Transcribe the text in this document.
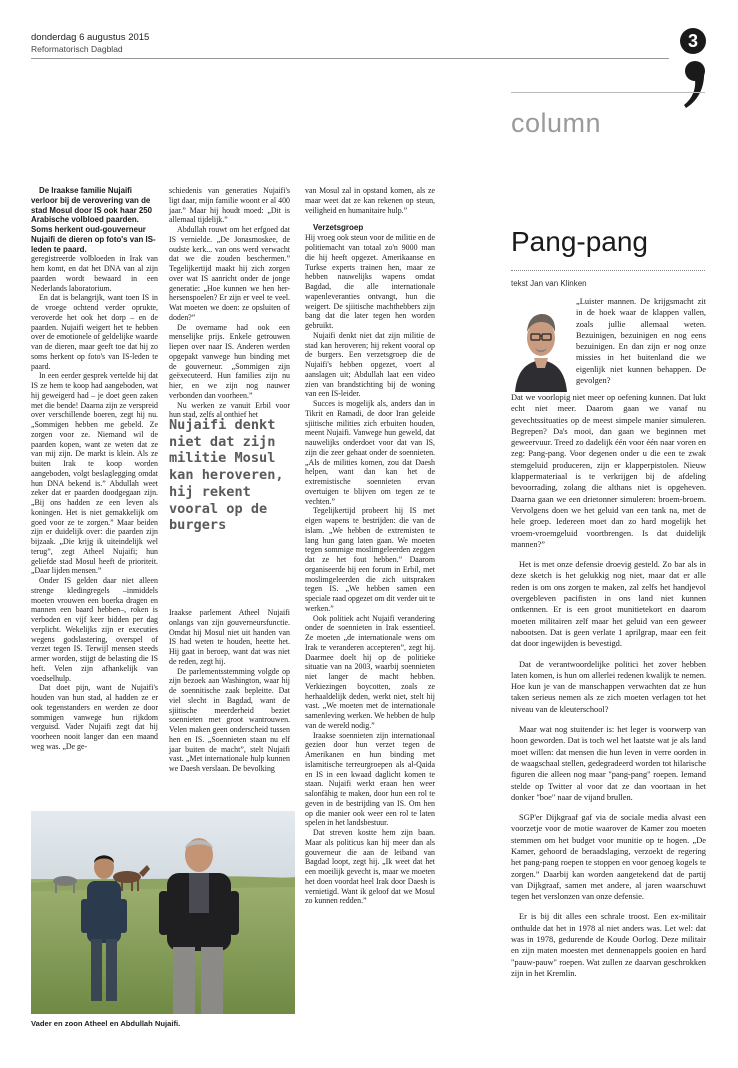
donderdag 6 augustus 2015
Reformatorisch Dagblad	3
column
Pang-pang
tekst Jan van Klinken

„Luister mannen. De krijgsmacht zit in de hoek waar de klappen vallen, zoals jullie allemaal weten. Bezuinigen, bezuinigen en nog eens bezuinigen. En dan zijn er nog onze missies in het buitenland die we eigenlijk niet kunnen behappen. De gevolgen?

Dat we voorlopig niet meer op oefening kunnen. Dat lukt echt niet meer. Daarom gaan we vanaf nu gevechtssituaties op de meest simpele manier simuleren. Begrepen? Da's mooi, dan gaan we beginnen met geweervuur. Treed zo dadelijk één voor één naar voren en zeg: Pang-pang. Voor degenen onder u die een te zwak stemgeluid produceren, zijn er klapperpistolen. Nieuw klappermateriaal is te verkrijgen bij de afdeling bevoorrading, zolang die althans niet is opgeheven. Daarna gaan we een drietonner simuleren: broem-broem. Vervolgens doen we het geluid van een tank na, met de hele groep. Iedereen moet dan zo hard mogelijk het vroem-vroemgeluid voortbrengen. Is dat duidelijk mannen?”

Het is met onze defensie droevig gesteld. Zo bar als in deze sketch is het gelukkig nog niet, maar dat er alle reden is om ons zorgen te maken, zal zelfs het handjevol overgebleven pacifisten in ons land niet kunnen ontkennen. Er is een groot munitietekort en daarom moeten militairen zelf maar het geluid van een geweer nabootsen. Dat is geen verlate 1 aprilgrap, maar een feit dat door ingewijden is bevestigd.

Dat de verantwoordelijke politici het zover hebben laten komen, is hun om allerlei redenen kwalijk te nemen. Hoe kun je van de manschappen verwachten dat ze hun taken serieus nemen als ze zich moeten verlagen tot het niveau van de kleuterschool?

Maar wat nog stuitender is: het leger is voorwerp van hoon geworden. Dat is toch wel het laatste wat je als land moet willen: dat mensen die hun leven in verre oorden in de waagschaal stellen, gedegradeerd worden tot hilarische figuren die alleen nog maar "pang-pang" roepen. Iemand stelde op Twitter al voor dat ze dan voortaan in het donker "boe" naar de vijand brullen.

SGP'er Dijkgraaf gaf via de sociale media alvast een voorzetje voor de motie waarover de Kamer zou moeten stemmen om het budget voor munitie op te hogen. „De Kamer, gehoord de beraadslaging, verzoekt de regering het pang-pang roepen te stoppen en voor genoeg kogels te zorgen.” Daarbij kan worden aangetekend dat de partij van Dijkgraaf, samen met andere, al jaren waarschuwt tegen het verslonzen van onze defensie.

Er is bij dit alles een schrale troost. Een ex-militair onthulde dat het in 1978 al niet anders was. Let wel: dat was in 1978, gedurende de Koude Oorlog. Deze militair en zijn maten moesten met dennenappels gooien en hard "pauw-pauw" roepen. Wat zullen ze daarvan geschrokken zijn in het Kremlin.

De Iraakse familie Nujaifi verloor bij de verovering van de stad Mosul door IS ook haar 250 Arabische volbloed paarden. Soms herkent oud-gouverneur Nujaifi de dieren op foto's van IS-leden te paard.

geregistreerde volbloeden in Irak van hem komt, en dat het DNA van al zijn paarden wordt bewaard in een Nederlands laboratorium.

En dat is belangrijk, want toen IS in de vroege ochtend verder oprukte, veroverde het ook het dorp – en de paarden. Nujaifi weigert het te hebben over de emotionele of geldelijke waarde van de dieren, maar geeft toe dat hij zo soms herkent op foto's van IS-leden te paard.

In een eerder gesprek vertelde hij dat IS ze hem te koop had aangeboden, wat hij geweigerd had – je doet geen zaken met die bende! Daarna zijn ze verspreid over verschillende boeren, zegt hij nu. „Sommigen hebben me gebeld. Ze zorgen voor ze. Niemand wil de paarden kopen, want ze weten dat ze van mij zijn. De markt is klein. Als ze buiten Irak te koop worden aangeboden, volgt beslaglegging omdat hun DNA bekend is.” Abdullah weet zeker dat er paarden doodgegaan zijn. „Bij ons hadden ze een leven als koningen. Het is niet gemakkelijk om goed voor ze te zorgen.” Maar beiden zijn er duidelijk over: die paarden zijn bijzaak. „Die krijg ik uiteindelijk wel terug”, zegt Atheel Nujaifi; hun geliefde stad Mosul heeft de prioriteit. „Daar lijden mensen.”

Onder IS gelden daar niet alleen strenge kledingregels –inmiddels moeten vrouwen een boerka dragen en mannen een baard hebben–, roken is verboden en vijf keer bidden per dag verplicht. Wekelijks zijn er executies wegens godslastering, overspel of verzet tegen IS. Terwijl mensen steeds armer worden, stijgt de belasting die IS heft. Velen zijn afhankelijk van voedselhulp.

Dat doet pijn, want de Nujaifi's houden van hun stad, al hadden ze er ook tegenstanders en werden ze door sommigen vanwege hun rijkdom verguisd. Vader Nujaifi zegt dat hij voorheen nooit langer dan een maand weg was. „De ge-

schiedenis van generaties Nujaifi's ligt daar, mijn familie woont er al 400 jaar.” Maar hij houdt moed: „Dit is allemaal tijdelijk.”

Abdullah rouwt om het erfgoed dat IS vernielde. „De Jonasmoskee, de oudste kerk... van ons werd verwacht dat we die zouden beschermen.” Tegelijkertijd maakt hij zich zorgen over wat IS aanricht onder de jonge generatie: „Hoe kunnen we hen her-hersenspoelen? Er zijn er veel te veel. Wat moeten we doen: ze opsluiten of doden?”

De overname had ook een menselijke prijs. Enkele getrouwen liepen over naar IS. Anderen werden opgepakt vanwege hun binding met de gouverneur. „Sommigen zijn geëxecuteerd. Hun families zijn nu hier, en we zijn nog nauwer verbonden dan voorheen.”

Nu werken ze vanuit Erbil voor hun stad, zelfs al onthief het

Nujaifi denkt niet dat zijn militie Mosul kan heroveren, hij rekent vooral op de burgers

Iraakse parlement Atheel Nujaifi onlangs van zijn gouverneursfunctie. Omdat hij Mosul niet uit handen van IS had weten te houden, heette het. Hij gaat in beroep, want dat was niet de reden, zegt hij.

De parlementsstemming volgde op zijn bezoek aan Washington, waar hij de soennitische zaak bepleitte. Dat viel slecht in Bagdad, want de sjiitische meerderheid beziet soennieten met groot wantrouwen. Velen maken geen onderscheid tussen hen en IS. „Soennieten staan nu elf jaar buiten de macht”, stelt Nujaifi vast. „Met internationale hulp kunnen we Daesh verslaan. De bevolking

van Mosul zal in opstand komen, als ze maar weet dat ze kan rekenen op steun, veiligheid en humanitaire hulp.”

Verzetsgroep

Hij vroeg ook steun voor de militie en de politiemacht van totaal zo'n 9000 man die hij heeft opgezet. Amerikaanse en Turkse experts trainen hen, maar ze hebben nauwelijks wapens omdat Bagdad, die alle internationale wapenleveranties ontvangt, hun die weigert. De sjiitische machthebbers zijn bang dat die later tegen hen worden gebruikt.

Nujaifi denkt niet dat zijn militie de stad kan heroveren; hij rekent vooral op de burgers. Een verzetsgroep die de Nujaifi's hebben opgezet, voert al aanslagen uit; Abdullah laat een video zien van brandstichting bij de woning van een IS-leider.

Succes is mogelijk als, anders dan in Tikrit en Ramadi, de door Iran geleide sjiitische milities zich erbuiten houden, meent Nujaifi. Vanwege hun geweld, dat nauwelijks onderdoet voor dat van IS, zijn die zeer gehaat onder de soennieten. „Als de milities komen, zou dat Daesh helpen, want dan kan het de extremistische soennieten ervan overtuigen te blijven om tegen ze te vechten.”

Tegelijkertijd probeert hij IS met eigen wapens te bestrijden: die van de islam. „We hebben de extremisten te lang hun gang laten gaan. We moeten tegen sommige moslimgeleerden zeggen dat ze het fout hebben.” Daarom organiseerde hij een forum in Erbil, met moslimgeleerden die zich uitspraken tegen IS. „We hebben samen een speciale raad opgezet om dit verder uit te werken.”

Ook politiek acht Nujaifi verandering onder de soennieten in Irak essentieel. Ze moeten „de internationale wens om Irak te veranderen accepteren”, zegt hij. Daarmee doelt hij op de politieke situatie van na 2003, waarbij soennieten niet langer de macht hebben. Verkiezingen boycotten, zoals ze herhaaldelijk deden, werkt niet, stelt hij vast. „We moeten met de internationale samenleving werken. We hebben de hulp van de wereld nodig.”

Iraakse soennieten zijn internationaal gezien door hun verzet tegen de Amerikanen en hun binding met islamitische terreurgroepen als al-Qaida en IS in een kwaad daglicht komen te staan. Nujaifi werkt eraan hen weer salonfähig te maken, door hun een rol te geven in de bestrijding van IS. Om hen op die manier ook weer een rol te laten spelen in het landsbestuur.

Dat streven kostte hem zijn baan. Maar als politicus kan hij meer dan als gouverneur die aan de leiband van Bagdad loopt, zegt hij. „Ik weet dat het een moeilijk gevecht is, maar we moeten het doen voordat heel Irak door Daesh is vernietigd. Want ik geloof dat we Mosul zo kunnen redden.”

Vader en zoon Atheel en Abdullah Nujaifi.
